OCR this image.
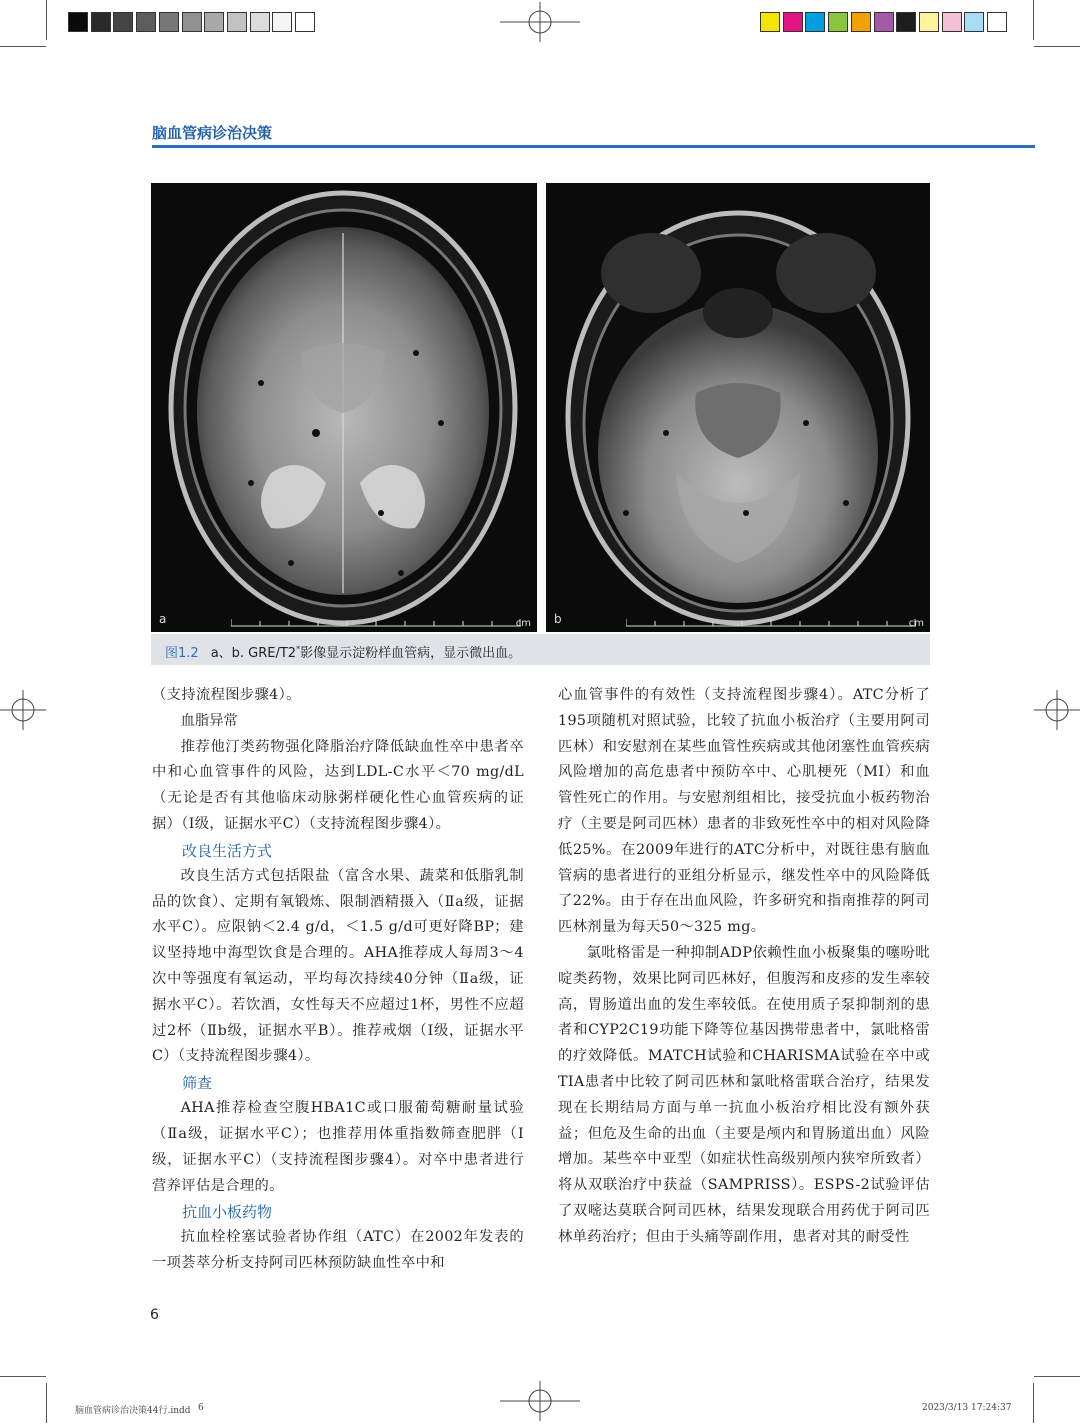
脑血管病诊治决策
a	cm b	cm
图1.2 a、b. GRE/T2*影像显示淀粉样血管病，显示微出血。

（支持流程图步骤4）。

血脂异常

推荐他汀类药物强化降脂治疗降低缺血性卒中患者卒中和心血管事件的风险，达到LDL-C水平＜70 mg/dL（无论是否有其他临床动脉粥样硬化性心血管疾病的证据）（Ⅰ级，证据水平C）（支持流程图步骤4）。

改良生活方式

改良生活方式包括限盐（富含水果、蔬菜和低脂乳制品的饮食）、定期有氧锻炼、限制酒精摄入（Ⅱa级，证据水平C）。应限钠＜2.4 g/d，＜1.5 g/d可更好降BP；建议坚持地中海型饮食是合理的。AHA推荐成人每周3～4次中等强度有氧运动，平均每次持续40分钟（Ⅱa级，证据水平C）。若饮酒，女性每天不应超过1杯，男性不应超过2杯（Ⅱb级，证据水平B）。推荐戒烟（Ⅰ级，证据水平C）（支持流程图步骤4）。

筛查

AHA推荐检查空腹HBA1C或口服葡萄糖耐量试验（Ⅱa级，证据水平C）；也推荐用体重指数筛查肥胖（Ⅰ级，证据水平C）（支持流程图步骤4）。对卒中患者进行营养评估是合理的。

抗血小板药物

抗血栓栓塞试验者协作组（ATC）在2002年发表的一项荟萃分析支持阿司匹林预防缺血性卒中和

心血管事件的有效性（支持流程图步骤4）。ATC分析了195项随机对照试验，比较了抗血小板治疗（主要用阿司匹林）和安慰剂在某些血管性疾病或其他闭塞性血管疾病风险增加的高危患者中预防卒中、心肌梗死（MI）和血管性死亡的作用。与安慰剂组相比，接受抗血小板药物治疗（主要是阿司匹林）患者的非致死性卒中的相对风险降低25%。在2009年进行的ATC分析中，对既往患有脑血管病的患者进行的亚组分析显示，继发性卒中的风险降低了22%。由于存在出血风险，许多研究和指南推荐的阿司匹林剂量为每天50～325 mg。

氯吡格雷是一种抑制ADP依赖性血小板聚集的噻吩吡啶类药物，效果比阿司匹林好，但腹泻和皮疹的发生率较高，胃肠道出血的发生率较低。在使用质子泵抑制剂的患者和CYP2C19功能下降等位基因携带患者中，氯吡格雷的疗效降低。MATCH试验和CHARISMA试验在卒中或TIA患者中比较了阿司匹林和氯吡格雷联合治疗，结果发现在长期结局方面与单一抗血小板治疗相比没有额外获益；但危及生命的出血（主要是颅内和胃肠道出血）风险增加。某些卒中亚型（如症状性高级别颅内狭窄所致者）将从双联治疗中获益（SAMPRISS）。ESPS-2试验评估了双嘧达莫联合阿司匹林，结果发现联合用药优于阿司匹林单药治疗；但由于头痛等副作用，患者对其的耐受性

6
脑血管病诊治决策44行.indd 6	2023/3/13 17:24:37
